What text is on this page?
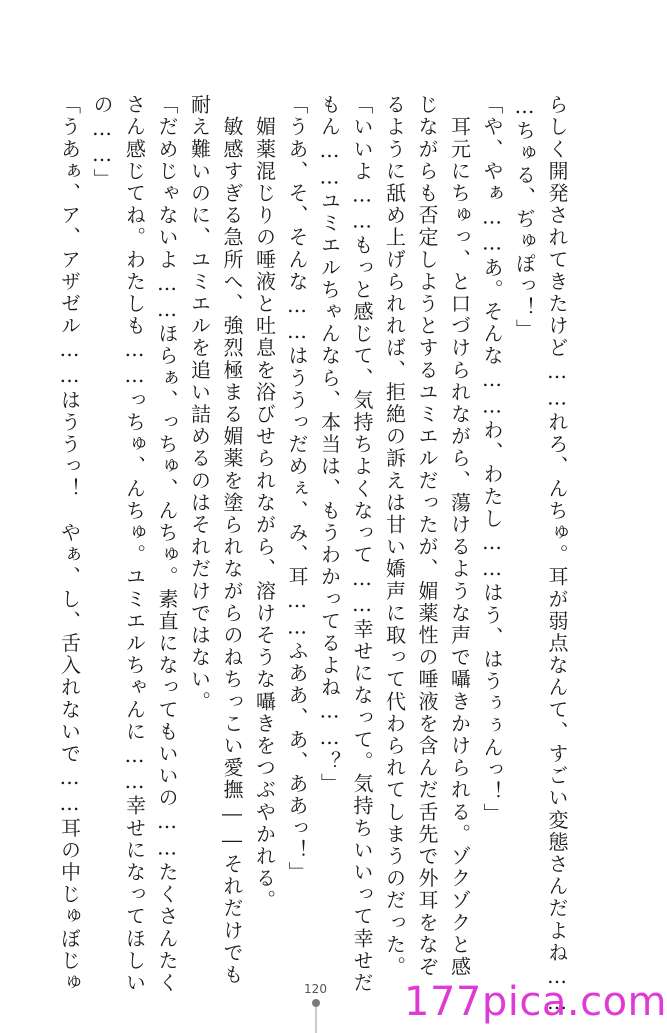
らしく開発されてきたけど……れろ、んちゅ。耳が弱点なんて、すごい変態さんだよね……
…ちゅる、ぢゅぽっ！」
「や、やぁ……あ。そんな……わ、わたし……はう、はうぅぅんっ！」
　耳元にちゅっ、と口づけられながら、蕩けるような声で囁きかけられる。ゾクゾクと感
じながらも否定しようとするユミエルだったが、媚薬性の唾液を含んだ舌先で外耳をなぞ
るように舐め上げられれば、拒絶の訴えは甘い嬌声に取って代わられてしまうのだった。
「いいよ……もっと感じて、気持ちよくなって……幸せになって。気持ちいいって幸せだ
もん……ユミエルちゃんなら、本当は、もうわかってるよね……？」
「うあ、そ、そんな……はううっだめぇ、み、耳……ふああ、あ、ああっ！」
　媚薬混じりの唾液と吐息を浴びせられながら、溶けそうな囁きをつぶやかれる。
　敏感すぎる急所へ、強烈極まる媚薬を塗られながらのねちっこい愛撫――それだけでも
耐え難いのに、ユミエルを追い詰めるのはそれだけではない。
「だめじゃないよ……ほらぁ、っちゅ、んちゅ。素直になってもいいの……たくさんたく
さん感じてね。わたしも……っちゅ、んちゅ。ユミエルちゃんに……幸せになってほしい
の……」
「うあぁ、ア、アザゼル……はううっ！　やぁ、し、舌入れないで……耳の中じゅぼじゅ	120	177pica.com
